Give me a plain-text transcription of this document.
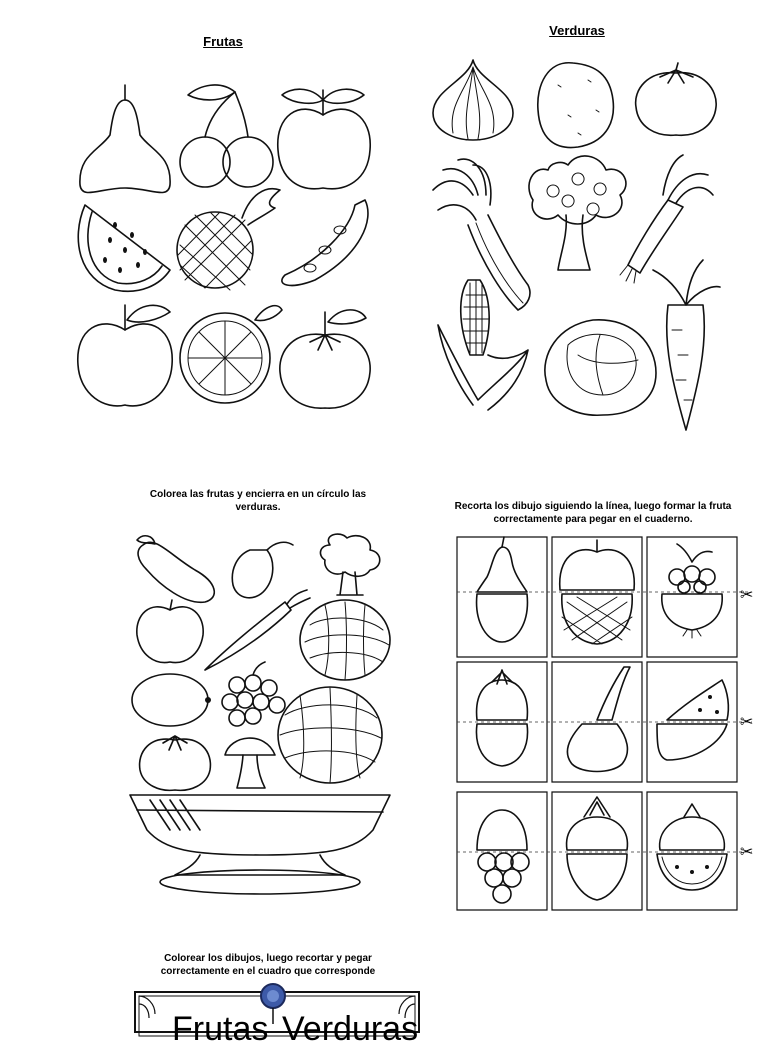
Frutas
Verduras
Colorea las frutas y encierra en un círculo las verduras.	Recorta los dibujo siguiendo la línea, luego formar la fruta correctamente para pegar en el cuaderno.
✂
✂
✂
Colorear los dibujos, luego recortar y pegar correctamente en el cuadro que corresponde
Frutas Verduras
